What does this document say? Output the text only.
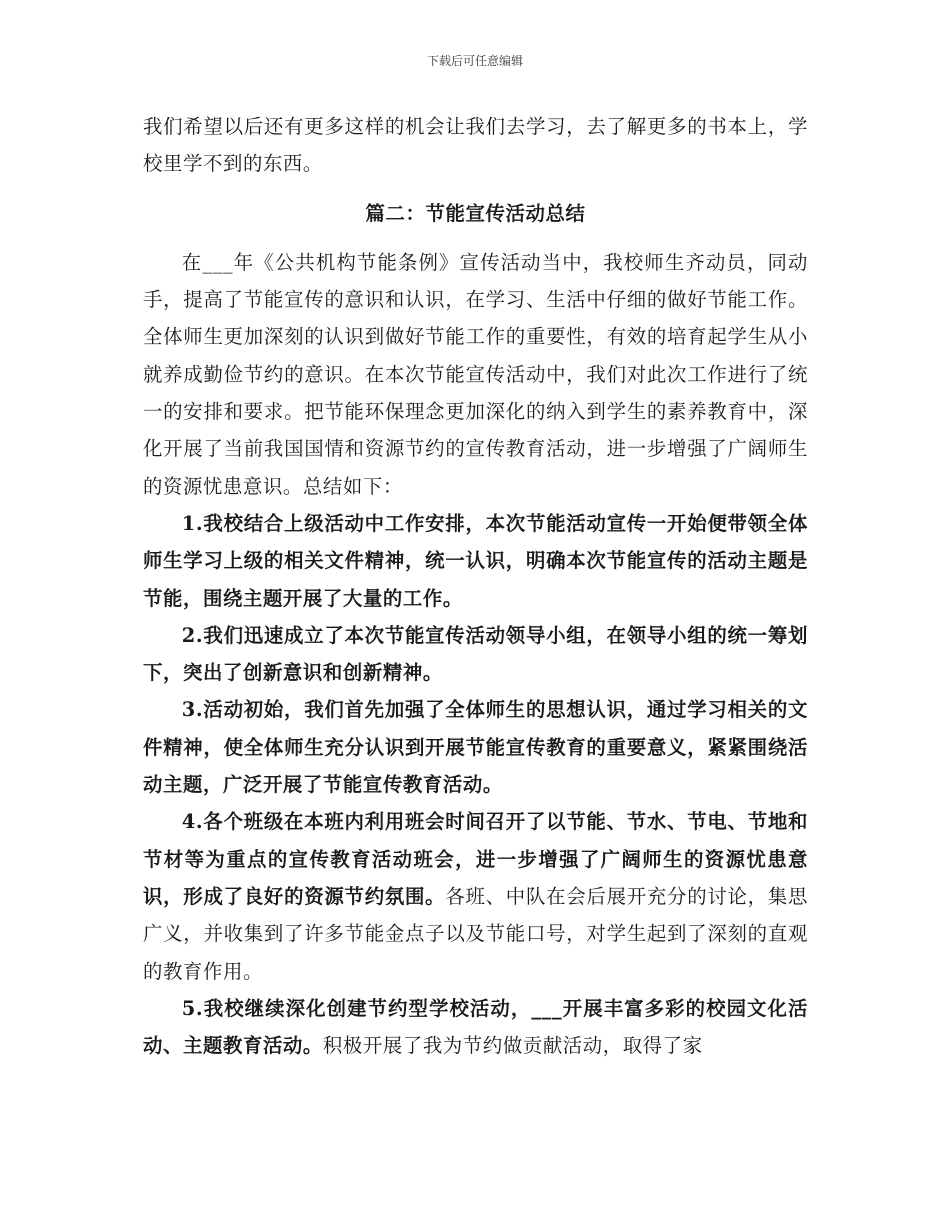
下载后可任意编辑

我们希望以后还有更多这样的机会让我们去学习，去了解更多的书本上，学校里学不到的东西。

篇二：节能宣传活动总结

在___年《公共机构节能条例》宣传活动当中，我校师生齐动员，同动手，提高了节能宣传的意识和认识，在学习、生活中仔细的做好节能工作。全体师生更加深刻的认识到做好节能工作的重要性，有效的培育起学生从小就养成勤俭节约的意识。在本次节能宣传活动中，我们对此次工作进行了统一的安排和要求。把节能环保理念更加深化的纳入到学生的素养教育中，深化开展了当前我国国情和资源节约的宣传教育活动，进一步增强了广阔师生的资源忧患意识。总结如下：

1.我校结合上级活动中工作安排，本次节能活动宣传一开始便带领全体师生学习上级的相关文件精神，统一认识，明确本次节能宣传的活动主题是节能，围绕主题开展了大量的工作。

2.我们迅速成立了本次节能宣传活动领导小组，在领导小组的统一筹划下，突出了创新意识和创新精神。

3.活动初始，我们首先加强了全体师生的思想认识，通过学习相关的文件精神，使全体师生充分认识到开展节能宣传教育的重要意义，紧紧围绕活动主题，广泛开展了节能宣传教育活动。

4.各个班级在本班内利用班会时间召开了以节能、节水、节电、节地和节材等为重点的宣传教育活动班会，进一步增强了广阔师生的资源忧患意识，形成了良好的资源节约氛围。各班、中队在会后展开充分的讨论，集思广义，并收集到了许多节能金点子以及节能口号，对学生起到了深刻的直观的教育作用。

5.我校继续深化创建节约型学校活动，___开展丰富多彩的校园文化活动、主题教育活动。积极开展了我为节约做贡献活动，取得了家
